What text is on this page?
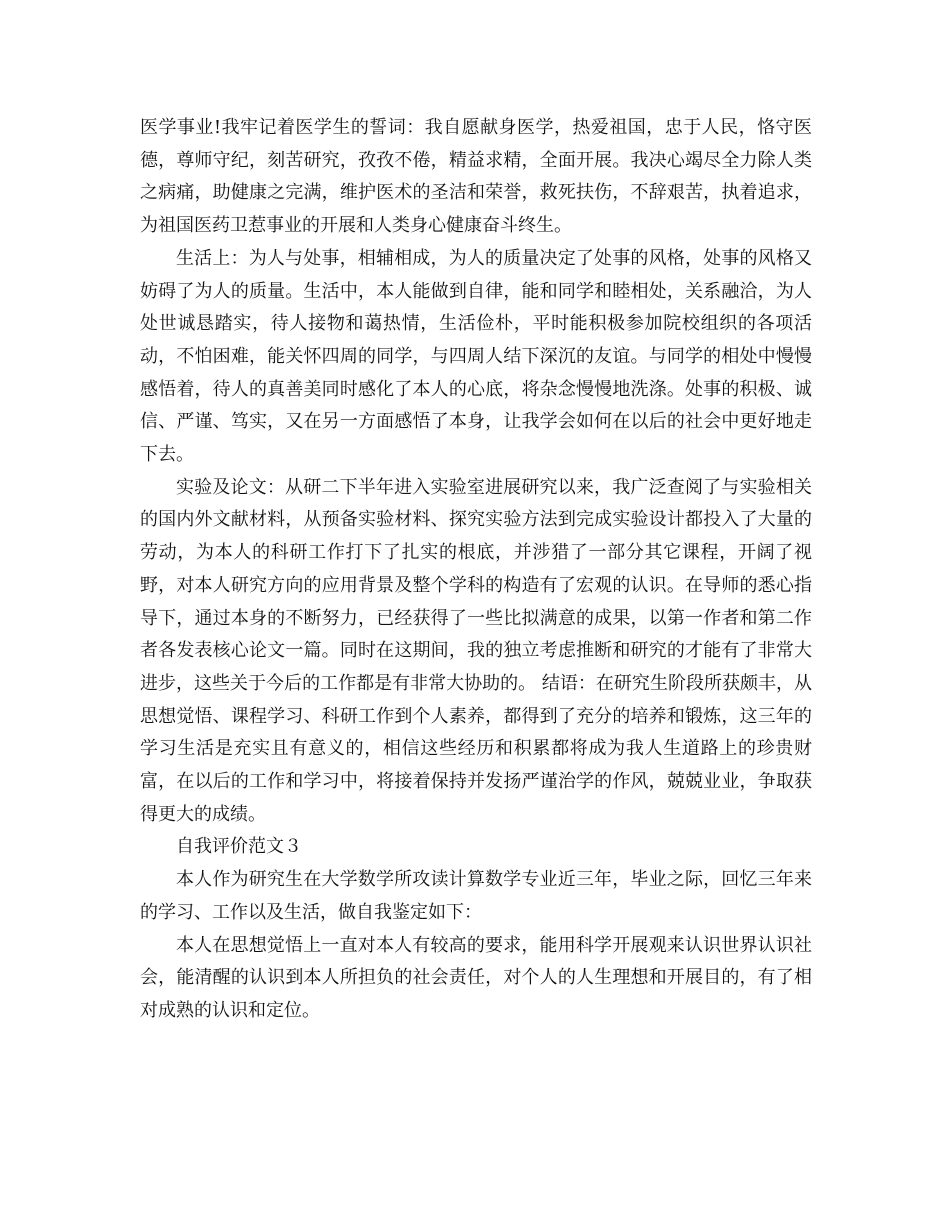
医学事业!我牢记着医学生的誓词：我自愿献身医学，热爱祖国，忠于人民，恪守医德，尊师守纪，刻苦研究，孜孜不倦，精益求精，全面开展。我决心竭尽全力除人类之病痛，助健康之完满，维护医术的圣洁和荣誉，救死扶伤，不辞艰苦，执着追求，为祖国医药卫惹事业的开展和人类身心健康奋斗终生。

生活上：为人与处事，相辅相成，为人的质量决定了处事的风格，处事的风格又妨碍了为人的质量。生活中，本人能做到自律，能和同学和睦相处，关系融洽，为人处世诚恳踏实，待人接物和蔼热情，生活俭朴，平时能积极参加院校组织的各项活动，不怕困难，能关怀四周的同学，与四周人结下深沉的友谊。与同学的相处中慢慢感悟着，待人的真善美同时感化了本人的心底，将杂念慢慢地洗涤。处事的积极、诚信、严谨、笃实，又在另一方面感悟了本身，让我学会如何在以后的社会中更好地走下去。

实验及论文：从研二下半年进入实验室进展研究以来，我广泛查阅了与实验相关的国内外文献材料，从预备实验材料、探究实验方法到完成实验设计都投入了大量的劳动，为本人的科研工作打下了扎实的根底，并涉猎了一部分其它课程，开阔了视野，对本人研究方向的应用背景及整个学科的构造有了宏观的认识。在导师的悉心指导下，通过本身的不断努力，已经获得了一些比拟满意的成果，以第一作者和第二作者各发表核心论文一篇。同时在这期间，我的独立考虑推断和研究的才能有了非常大进步，这些关于今后的工作都是有非常大协助的。 结语：在研究生阶段所获颇丰，从思想觉悟、课程学习、科研工作到个人素养，都得到了充分的培养和锻炼，这三年的学习生活是充实且有意义的，相信这些经历和积累都将成为我人生道路上的珍贵财富，在以后的工作和学习中，将接着保持并发扬严谨治学的作风，兢兢业业，争取获得更大的成绩。

自我评价范文３

本人作为研究生在大学数学所攻读计算数学专业近三年，毕业之际，回忆三年来的学习、工作以及生活，做自我鉴定如下：

本人在思想觉悟上一直对本人有较高的要求，能用科学开展观来认识世界认识社会，能清醒的认识到本人所担负的社会责任，对个人的人生理想和开展目的，有了相对成熟的认识和定位。
